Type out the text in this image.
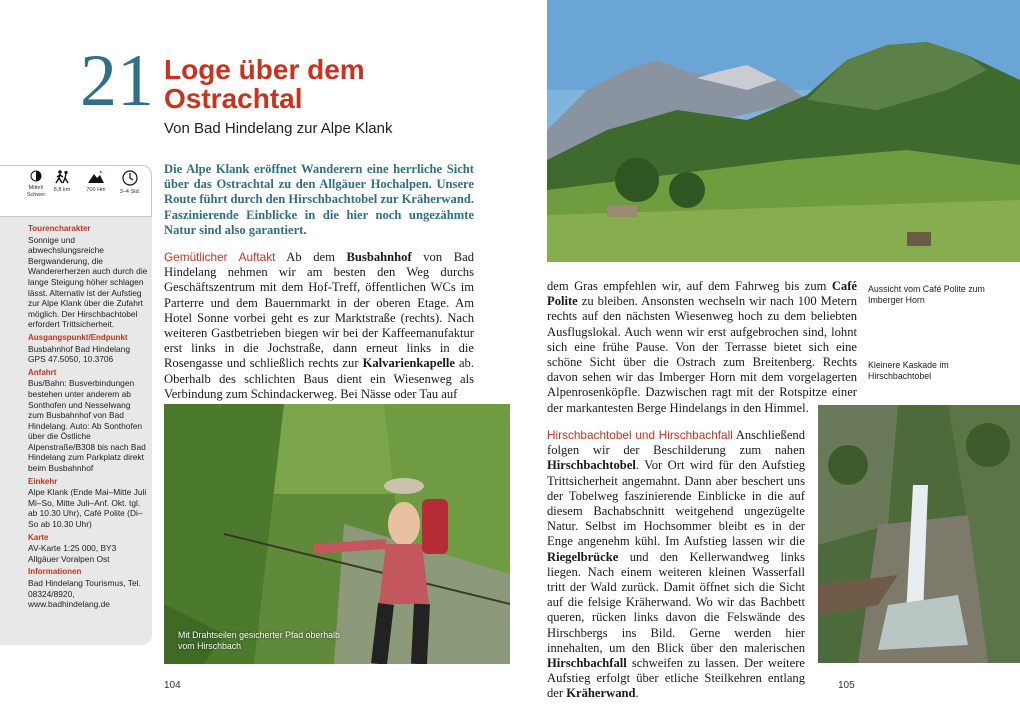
21 Loge über dem
Ostrachtal
Von Bad Hindelang zur Alpe Klank
Mittel/ Schwer
8,8 km	700 Hm	3–4 Std.
Tourencharakter
Sonnige und abwechslungsreiche Bergwanderung, die Wandererherzen auch durch die lange Steigung höher schlagen lässt. Alternativ ist der Aufstieg zur Alpe Klank über die Zufahrt möglich. Der Hirschbachtobel erfordert Trittsicherheit.
Ausgangspunkt/Endpunkt
Busbahnhof Bad Hindelang GPS 47.5050, 10.3706
Anfahrt
Bus/Bahn: Busverbindungen bestehen unter anderem ab Sonthofen und Nesselwang zum Busbahnhof von Bad Hindelang. Auto: Ab Sonthofen über die Östliche Alpenstraße/B308 bis nach Bad Hindelang zum Parkplatz direkt beim Busbahnhof
Einkehr
Alpe Klank (Ende Mai–Mitte Juli Mi–So, Mitte Juli–Anf. Okt. tgl. ab 10.30 Uhr), Café Polite (Di–So ab 10.30 Uhr)
Karte
AV-Karte 1:25 000, BY3 Allgäuer Voralpen Ost
Informationen
Bad Hindelang Tourismus, Tel. 08324/8920, www.badhindelang.de
Die Alpe Klank eröffnet Wanderern eine herrliche Sicht über das Ostrachtal zu den Allgäuer Hochalpen. Unsere Route führt durch den Hirschbachtobel zur Kräherwand. Faszinierende Einblicke in die hier noch ungezähmte Natur sind also garantiert.
Gemütlicher Auftakt Ab dem Busbahnhof von Bad Hindelang nehmen wir am besten den Weg durchs Geschäftszentrum mit dem Hof-Treff, öffentlichen WCs im Parterre und dem Bauernmarkt in der oberen Etage. Am Hotel Sonne vorbei geht es zur Marktstraße (rechts). Nach weiteren Gastbetrieben biegen wir bei der Kaffeemanufaktur erst links in die Jochstraße, dann erneut links in die Rosengasse und schließlich rechts zur Kalvarienkapelle ab. Oberhalb des schlichten Baus dient ein Wiesenweg als Verbindung zum Schindackerweg. Bei Nässe oder Tau auf
Mit Drahtseilen gesicherter Pfad oberhalb vom Hirschbach
104
dem Gras empfehlen wir, auf dem Fahrweg bis zum Café Polite zu bleiben. Ansonsten wechseln wir nach 100 Metern rechts auf den nächsten Wiesenweg hoch zu dem beliebten Ausflugslokal. Auch wenn wir erst aufgebrochen sind, lohnt sich eine frühe Pause. Von der Terrasse bietet sich eine schöne Sicht über die Ostrach zum Breitenberg. Rechts davon sehen wir das Imberger Horn mit dem vorgelagerten Alpenrosenköpfle. Dazwischen ragt mit der Rotspitze einer der markantesten Berge Hindelangs in den Himmel.
Aussicht vom Café Polite zum Imberger Horn
Kleinere Kaskade im Hirschbachtobel
Hirschbachtobel und Hirschbachfall Anschließend folgen wir der Beschilderung zum nahen Hirschbachtobel. Vor Ort wird für den Aufstieg Trittsicherheit angemahnt. Dann aber beschert uns der Tobelweg faszinierende Einblicke in die auf diesem Bachabschnitt weitgehend ungezügelte Natur. Selbst im Hochsommer bleibt es in der Enge angenehm kühl. Im Aufstieg lassen wir die Riegelbrücke und den Kellerwandweg links liegen. Nach einem weiteren kleinen Wasserfall tritt der Wald zurück. Damit öffnet sich die Sicht auf die felsige Kräherwand. Wo wir das Bachbett queren, rücken links davon die Felswände des Hirschbergs ins Bild. Gerne werden hier innehalten, um den Blick über den malerischen Hirschbachfall schweifen zu lassen. Der weitere Aufstieg erfolgt über etliche Steilkehren entlang der Kräherwand.
105
